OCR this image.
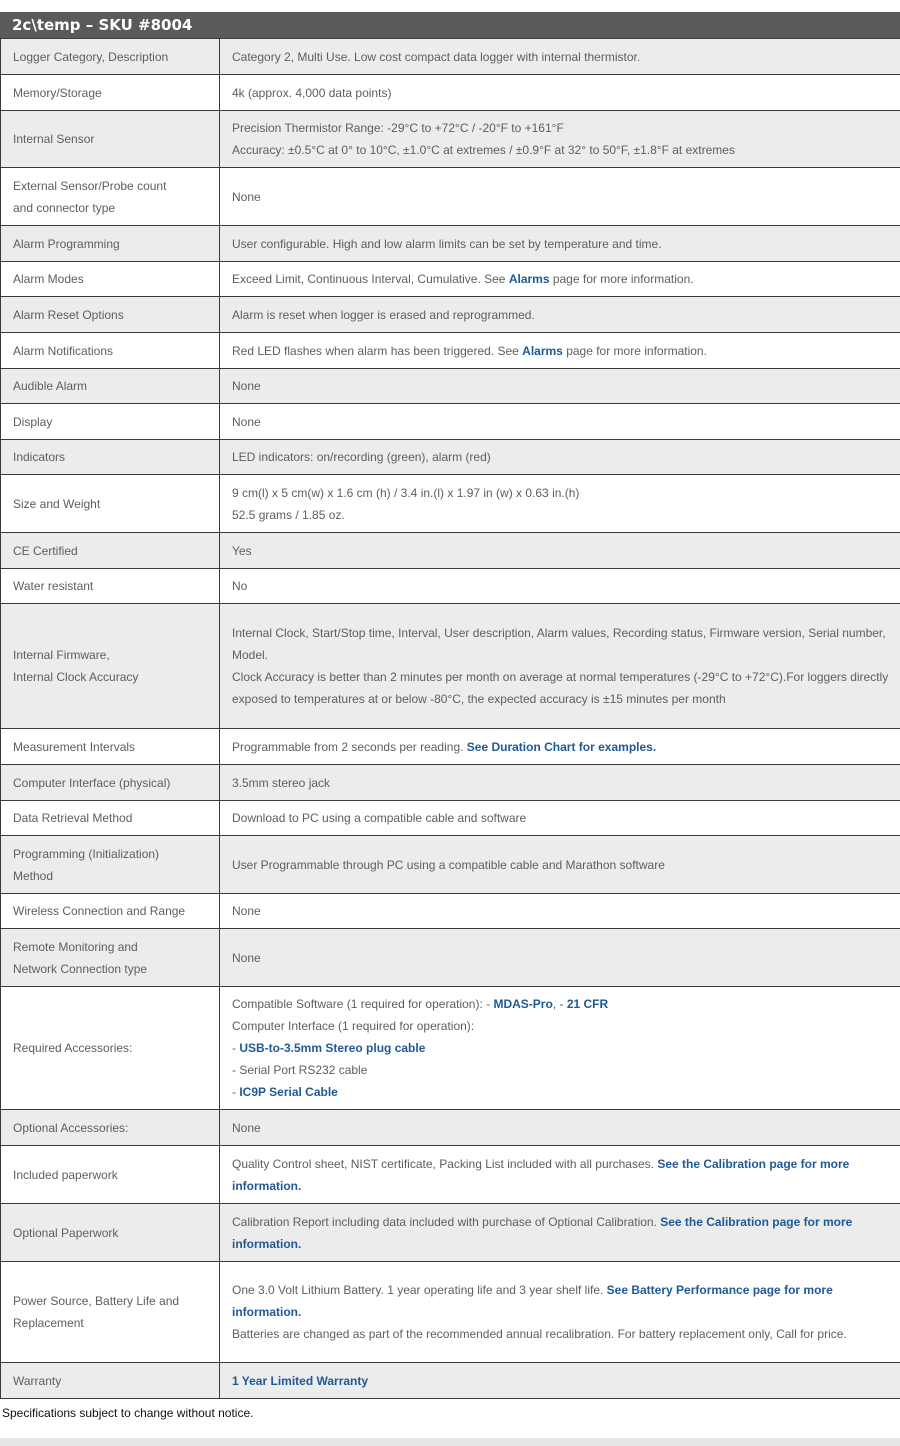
2c\temp – SKU #8004
Logger Category, Description	Category 2, Multi Use. Low cost compact data logger with internal thermistor.
Memory/Storage	4k (approx. 4,000 data points)
Internal Sensor	Precision Thermistor Range: -29°C to +72°C / -20°F to +161°F
Accuracy: ±0.5°C at 0° to 10°C, ±1.0°C at extremes / ±0.9°F at 32° to 50°F, ±1.8°F at extremes

External Sensor/Probe count
and connector type	None
Alarm Programming	User configurable. High and low alarm limits can be set by temperature and time.
Alarm Modes	Exceed Limit, Continuous Interval, Cumulative. See Alarms page for more information.
Alarm Reset Options	Alarm is reset when logger is erased and reprogrammed.
Alarm Notifications	Red LED flashes when alarm has been triggered. See Alarms page for more information.
Audible Alarm	None
Display	None
Indicators	LED indicators: on/recording (green), alarm (red)
Size and Weight	9 cm(l) x 5 cm(w) x 1.6 cm (h) / 3.4 in.(l) x 1.97 in (w) x 0.63 in.(h)
52.5 grams / 1.85 oz.

CE Certified	Yes
Water resistant	No

Internal Firmware,
Internal Clock Accuracy	Internal Clock, Start/Stop time, Interval, User description, Alarm values, Recording status, Firmware version, Serial number, Model.
Clock Accuracy is better than 2 minutes per month on average at normal temperatures (-29°C to +72°C).For loggers directly exposed to temperatures at or below -80°C, the expected accuracy is ±15 minutes per month

Measurement Intervals	Programmable from 2 seconds per reading. See Duration Chart for examples.
Computer Interface (physical)	3.5mm stereo jack
Data Retrieval Method	Download to PC using a compatible cable and software

Programming (Initialization)
Method	User Programmable through PC using a compatible cable and Marathon software
Wireless Connection and Range	None

Remote Monitoring and
Network Connection type	None
Required Accessories:	Compatible Software (1 required for operation): - MDAS-Pro, - 21 CFR
Computer Interface (1 required for operation):
- USB-to-3.5mm Stereo plug cable
- Serial Port RS232 cable
- IC9P Serial Cable

Optional Accessories:	None
Included paperwork	Quality Control sheet, NIST certificate, Packing List included with all purchases. See the Calibration page for more information.
Optional Paperwork	Calibration Report including data included with purchase of Optional Calibration. See the Calibration page for more information.

Power Source, Battery Life and
Replacement	One 3.0 Volt Lithium Battery. 1 year operating life and 3 year shelf life. See Battery Performance page for more information.
Batteries are changed as part of the recommended annual recalibration. For battery replacement only, Call for price.

Warranty	1 Year Limited Warranty
Specifications subject to change without notice.
